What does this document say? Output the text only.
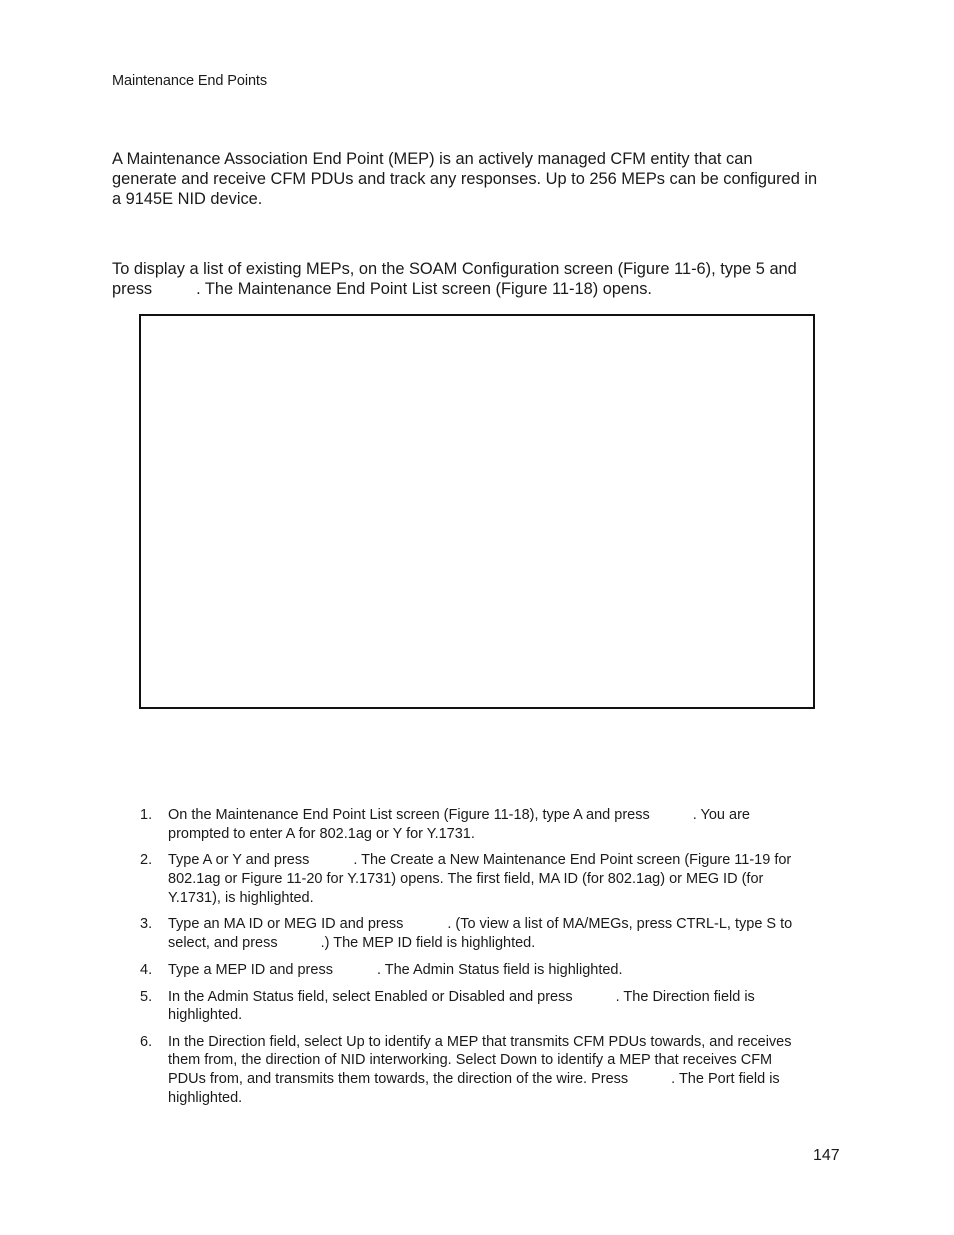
Maintenance End Points

A Maintenance Association End Point (MEP) is an actively managed CFM entity that can
generate and receive CFM PDUs and track any responses. Up to 256 MEPs can be configured in
a 9145E NID device.

To display a list of existing MEPs, on the SOAM Configuration screen (Figure 11-6), type 5 and
press	. The Maintenance End Point List screen (Figure 11-18) opens.

1. On the Maintenance End Point List screen (Figure 11-18), type A and press	. You are
prompted to enter A for 802.1ag or Y for Y.1731.
2. Type A or Y and press	. The Create a New Maintenance End Point screen (Figure 11-19 for
802.1ag or Figure 11-20 for Y.1731) opens. The first field, MA ID (for 802.1ag) or MEG ID (for
Y.1731), is highlighted.
3. Type an MA ID or MEG ID and press	. (To view a list of MA/MEGs, press CTRL-L, type S to
select, and press	.) The MEP ID field is highlighted.
4. Type a MEP ID and press	. The Admin Status field is highlighted.
5. In the Admin Status field, select Enabled or Disabled and press	. The Direction field is
highlighted.
6. In the Direction field, select Up to identify a MEP that transmits CFM PDUs towards, and receives
them from, the direction of NID interworking. Select Down to identify a MEP that receives CFM
PDUs from, and transmits them towards, the direction of the wire. Press	. The Port field is
highlighted.
147
